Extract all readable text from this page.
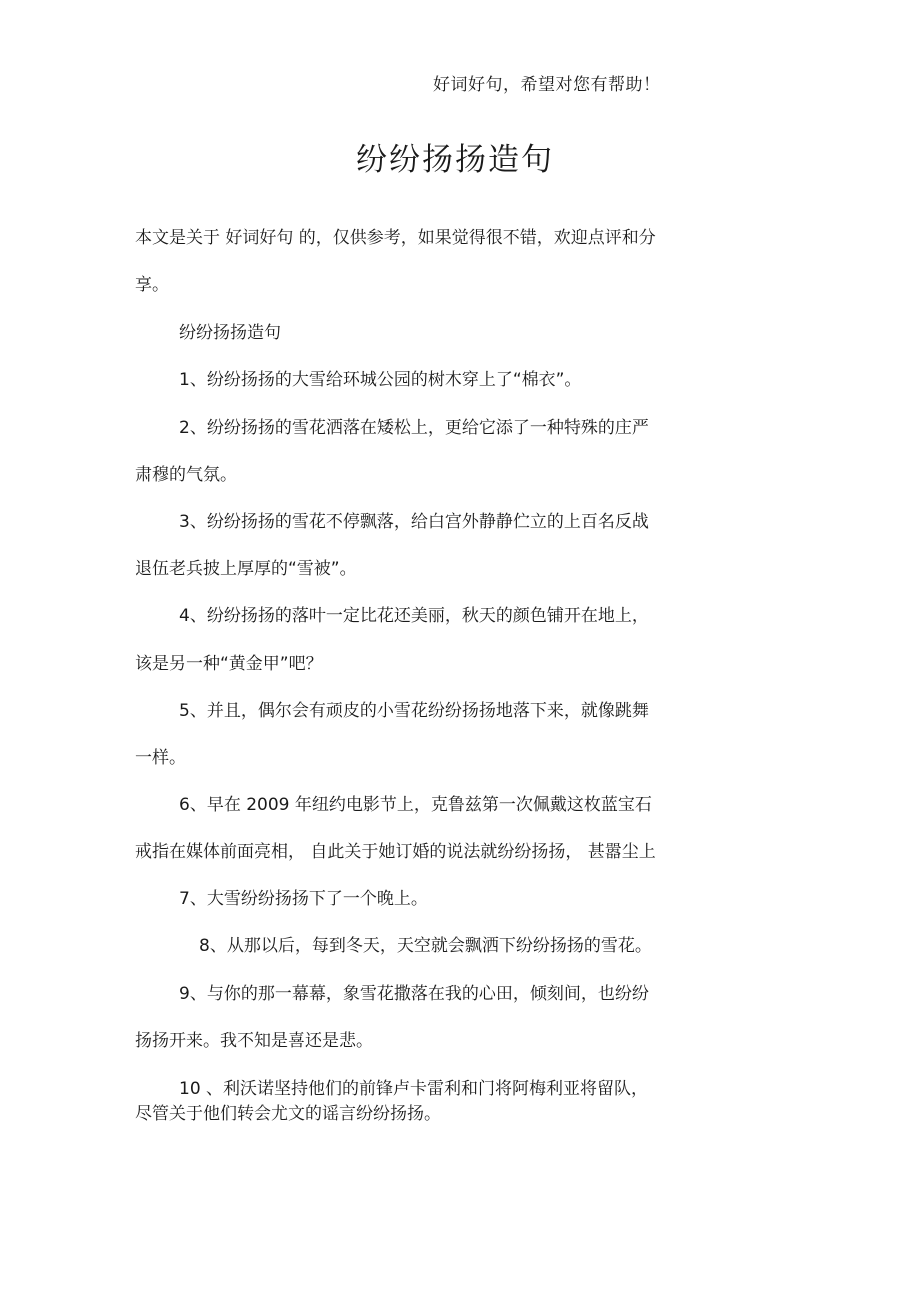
好词好句，希望对您有帮助！
纷纷扬扬造句
本文是关于 好词好句 的，仅供参考，如果觉得很不错，欢迎点评和分
享。
纷纷扬扬造句
1、纷纷扬扬的大雪给环城公园的树木穿上了“棉衣”。
2、纷纷扬扬的雪花洒落在矮松上，更给它添了一种特殊的庄严
肃穆的气氛。
3、纷纷扬扬的雪花不停飘落，给白宫外静静伫立的上百名反战
退伍老兵披上厚厚的“雪被”。
4、纷纷扬扬的落叶一定比花还美丽，秋天的颜色铺开在地上，
该是另一种“黄金甲”吧？
5、并且，偶尔会有顽皮的小雪花纷纷扬扬地落下来，就像跳舞
一样。
6、早在 2009 年纽约电影节上，克鲁兹第一次佩戴这枚蓝宝石
戒指在媒体前面亮相， 自此关于她订婚的说法就纷纷扬扬， 甚嚣尘上
7、大雪纷纷扬扬下了一个晚上。
8、从那以后，每到冬天，天空就会飘洒下纷纷扬扬的雪花。
9、与你的那一幕幕，象雪花撒落在我的心田，倾刻间，也纷纷
扬扬开来。我不知是喜还是悲。
10 、利沃诺坚持他们的前锋卢卡雷利和门将阿梅利亚将留队，
尽管关于他们转会尤文的谣言纷纷扬扬。
